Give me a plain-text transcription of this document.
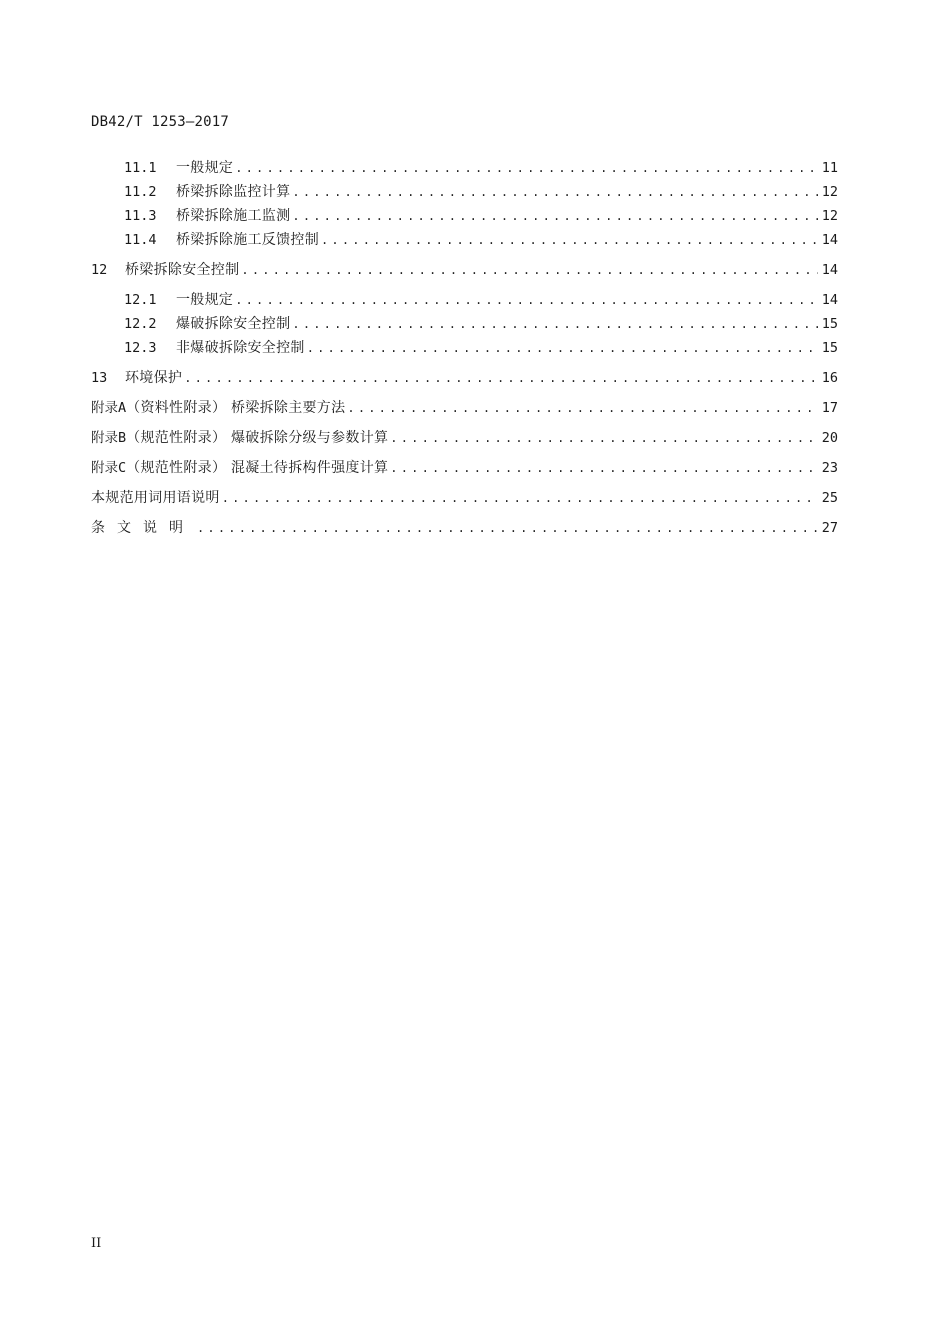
DB42/T 1253—2017
11.1	一般规定 .....	11
11.2	桥梁拆除监控计算 .....	12
11.3	桥梁拆除施工监测 .....	12
11.4	桥梁拆除施工反馈控制 .....	14
12	桥梁拆除安全控制 .....	14
12.1	一般规定 .....	14
12.2	爆破拆除安全控制 .....	15
12.3	非爆破拆除安全控制 .....	15
13	环境保护 .....	16
附录A （资料性附录） 桥梁拆除主要方法 .....	17
附录B （规范性附录） 爆破拆除分级与参数计算 .....	20
附录C （规范性附录） 混凝土待拆构件强度计算 .....	23
本规范用词用语说明 .....	25
条文说明 .....	27
II
